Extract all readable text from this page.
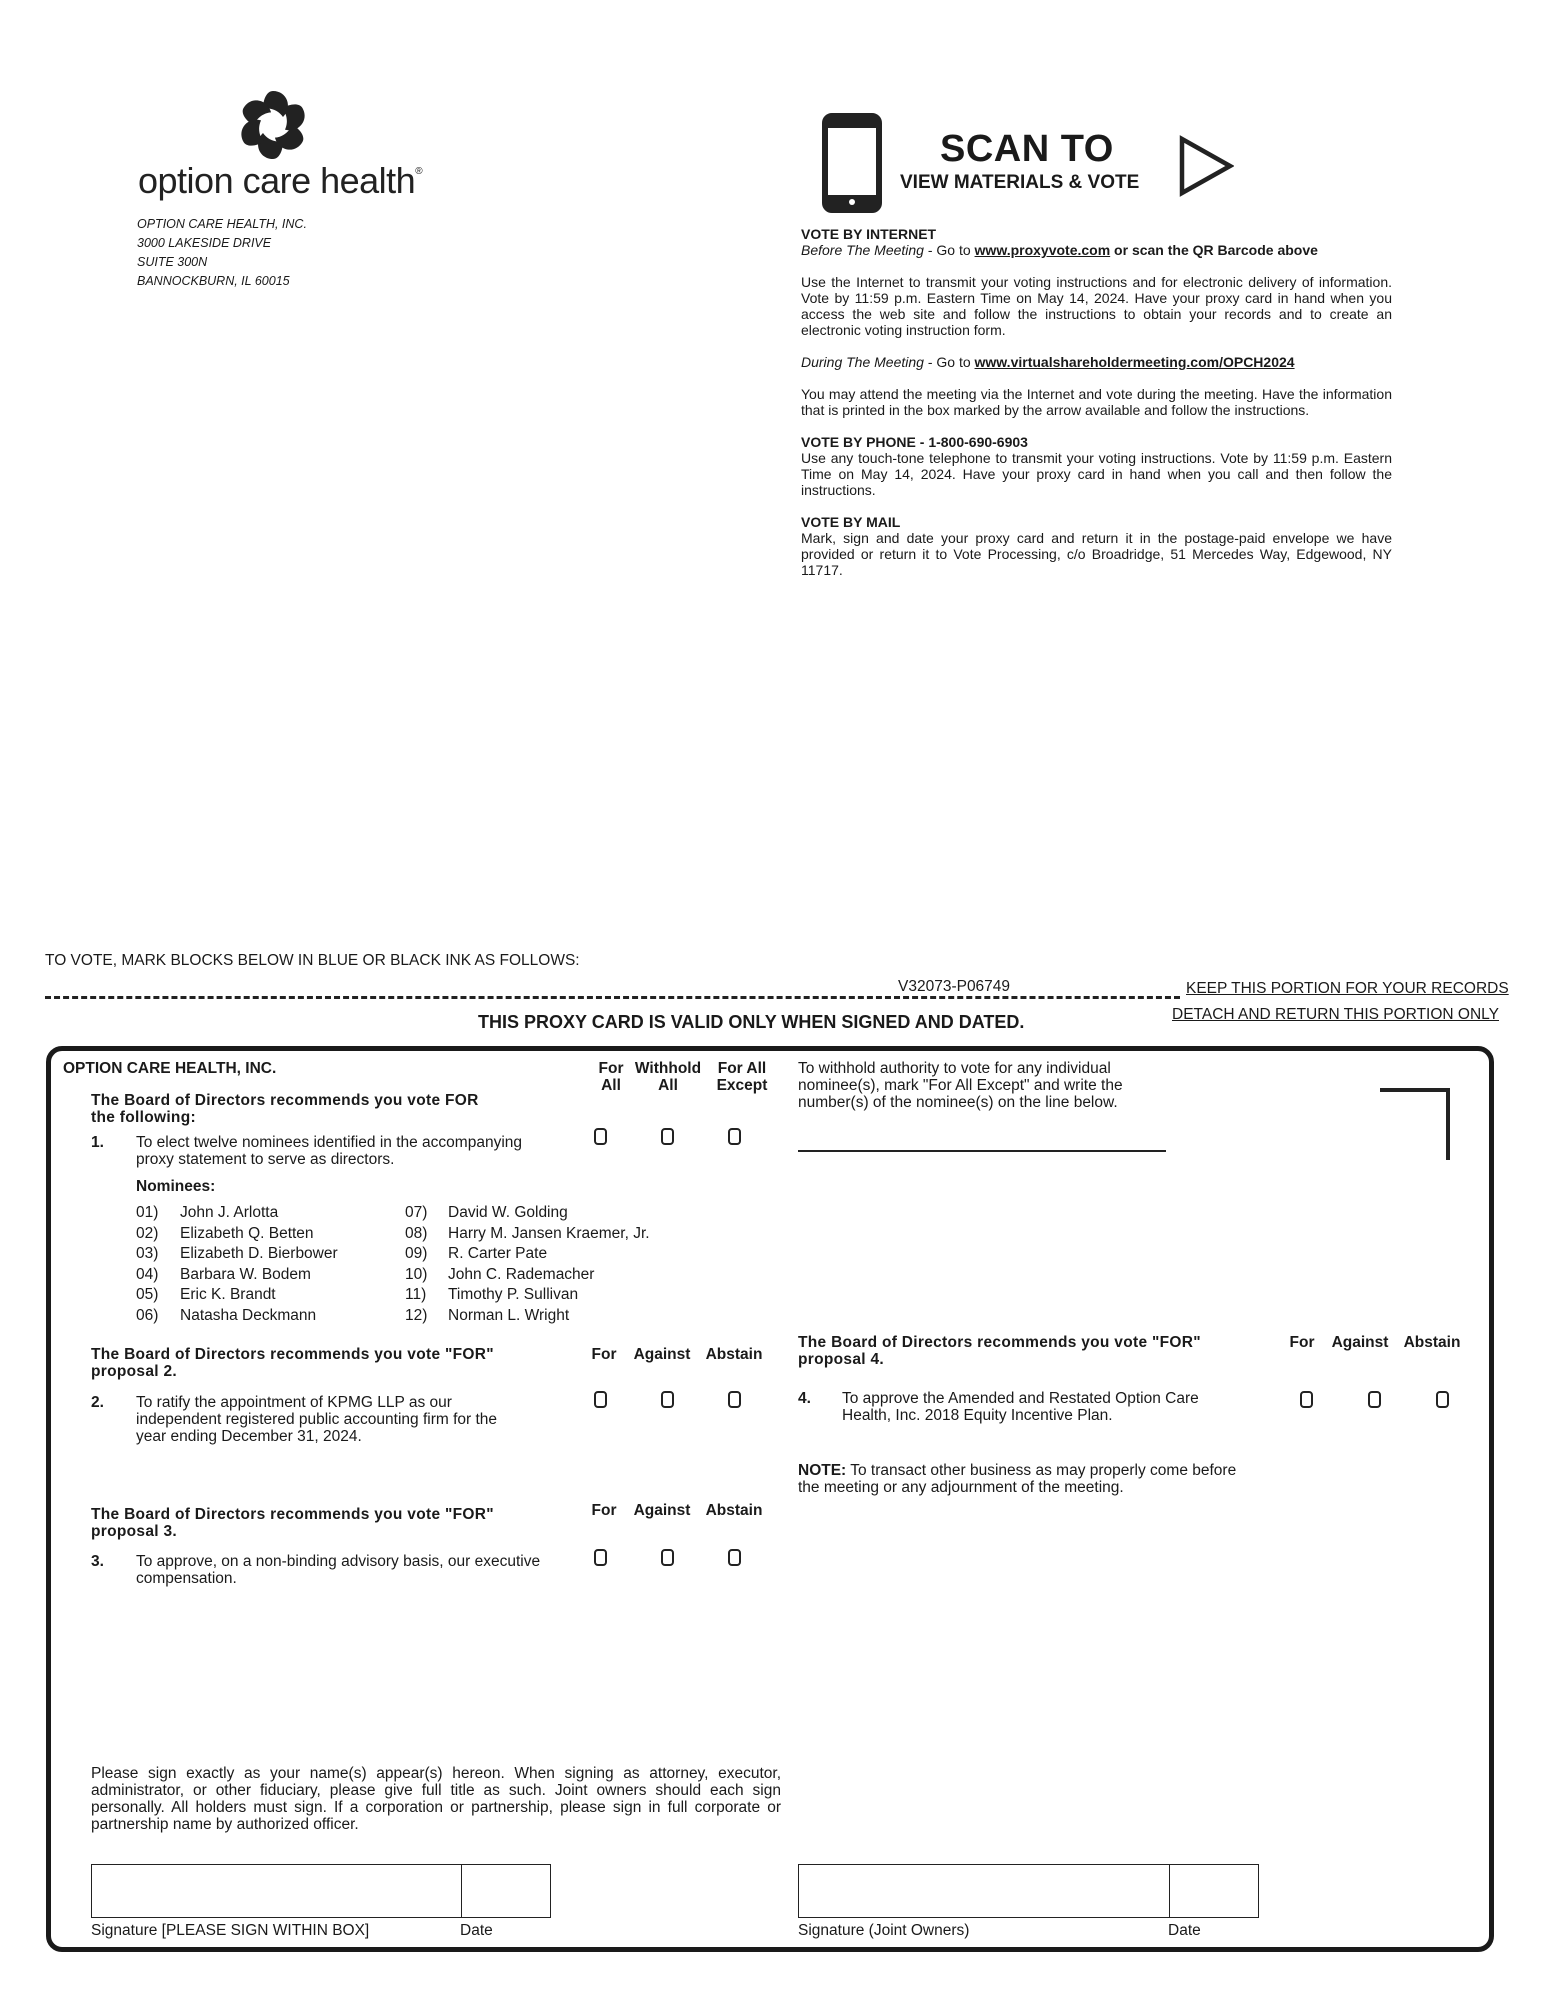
option care health®
OPTION CARE HEALTH, INC.
3000 LAKESIDE DRIVE
SUITE 300N
BANNOCKBURN, IL 60015
SCAN TO
VIEW MATERIALS & VOTE

VOTE BY INTERNET

Before The Meeting - Go to www.proxyvote.com or scan the QR Barcode above

Use the Internet to transmit your voting instructions and for electronic delivery of information. Vote by 11:59 p.m. Eastern Time on May 14, 2024. Have your proxy card in hand when you access the web site and follow the instructions to obtain your records and to create an electronic voting instruction form.

During The Meeting - Go to www.virtualshareholdermeeting.com/OPCH2024

You may attend the meeting via the Internet and vote during the meeting. Have the information that is printed in the box marked by the arrow available and follow the instructions.

VOTE BY PHONE - 1-800-690-6903

Use any touch-tone telephone to transmit your voting instructions. Vote by 11:59 p.m. Eastern Time on May 14, 2024. Have your proxy card in hand when you call and then follow the instructions.

VOTE BY MAIL

Mark, sign and date your proxy card and return it in the postage-paid envelope we have provided or return it to Vote Processing, c/o Broadridge, 51 Mercedes Way, Edgewood, NY 11717.

TO VOTE, MARK BLOCKS BELOW IN BLUE OR BLACK INK AS FOLLOWS:
V32073-P06749	KEEP THIS PORTION FOR YOUR RECORDS
DETACH AND RETURN THIS PORTION ONLY
THIS PROXY CARD IS VALID ONLY WHEN SIGNED AND DATED.
OPTION CARE HEALTH, INC.
The Board of Directors recommends you vote FOR
the following:
For
All
Withhold
All
For All
Except
1. To elect twelve nominees identified in the accompanying
proxy statement to serve as directors.
Nominees:
01) John J. Arlotta
02) Elizabeth Q. Betten
03) Elizabeth D. Bierbower
04) Barbara W. Bodem
05) Eric K. Brandt
06) Natasha Deckmann
07) David W. Golding
08) Harry M. Jansen Kraemer, Jr.
09) R. Carter Pate
10) John C. Rademacher
11) Timothy P. Sullivan
12) Norman L. Wright
The Board of Directors recommends you vote "FOR"
proposal 2.
For	Against Abstain
2. To ratify the appointment of KPMG LLP as our
independent registered public accounting firm for the
year ending December 31, 2024.
The Board of Directors recommends you vote "FOR"
proposal 3.
For	Against Abstain
3. To approve, on a non-binding advisory basis, our executive
compensation.
Please sign exactly as your name(s) appear(s) hereon. When signing as attorney, executor, administrator, or other fiduciary, please give full title as such. Joint owners should each sign personally. All holders must sign. If a corporation or partnership, please sign in full corporate or partnership name by authorized officer.
Signature [PLEASE SIGN WITHIN BOX]	Date
To withhold authority to vote for any individual
nominee(s), mark "For All Except" and write the
number(s) of the nominee(s) on the line below.
The Board of Directors recommends you vote "FOR"
proposal 4.
For	Against Abstain
4. To approve the Amended and Restated Option Care
Health, Inc. 2018 Equity Incentive Plan.
NOTE: To transact other business as may properly come before
the meeting or any adjournment of the meeting.
Signature (Joint Owners)	Date
